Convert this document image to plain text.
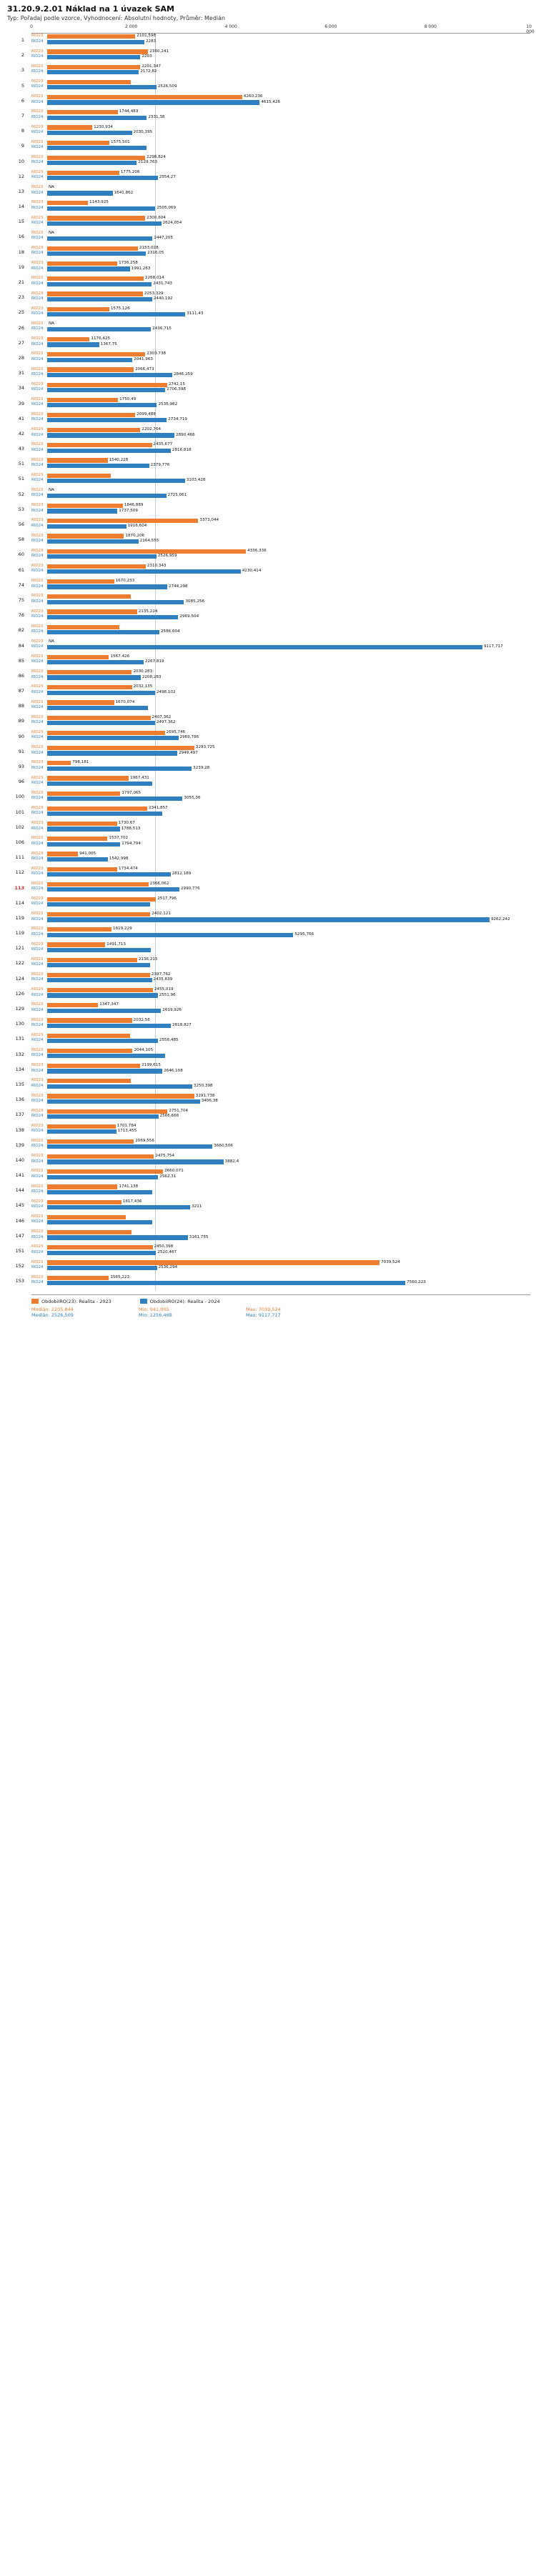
31.20.9.2.01 Náklad na 1 úvazek SAM
Typ: Pořadaj podle vzorce, Vyhodnocení: Absolutní hodnoty, Průměr: Medián
0	2 000	4 000	6 000	8 000	10 000
1
RIO23
RIO24
2101,598
2283
2
RIO23
RIO24
2360,241
2203
3
RIO23
RIO24
2201,347
2172,82
5
RIO23
RIO24	2526,509
6
RIO23
RIO24
4260,236
4615,426
7
RIO23
RIO24
1744,483
2331,38
8
RIO23
RIO24
1230,934
2030,395
9
RIO23
RIO24
1575,501
10
RIO23
RIO24
2298,824
2129,763
12
RIO23
RIO24
1775,206
2554,27
13
RIO23
RIO24
NA
1641,862
14
RIO23
RIO24
1143,925
2505,069
15
RIO23
RIO24
2300,604
2624,054
16
RIO23
RIO24
NA
2447,205
18
RIO23
RIO24
2153,028
2316,05
19
RIO23
RIO24
1736,258
1991,263
21
RIO23
RIO24
2268,014
2431,743
23
RIO23
RIO24
2253,329
2440,192
25
RIO23
RIO24
1575,126
3111,43
26
RIO23
RIO24
NA
2416,715
27
RIO23
RIO24
1176,425
1367,75
28
RIO23
RIO24
2303,738
2041,963
31
RIO23
RIO24
2066,473
2846,259
34
RIO23
RIO24
2742,15
2706,398
39
RIO23
RIO24
1750,49
2535,982
41
RIO23
RIO24
2099,488
2734,719
42
RIO23
RIO24
2202,764
2890,466
43
RIO23
RIO24
2435,677
2816,818
51
RIO23
RIO24
1540,228
2379,776
51
RIO23
RIO24	3103,428
52
RIO23
RIO24
NA
2725,061
53
RIO23
RIO24
1846,889
1737,509
56
RIO23
RIO24
3373,044
1916,604
58
RIO23
RIO24
1870,206
2164,555
60
RIO23
RIO24
4336,336
2526,959
61
RIO23
RIO24
2310,343
4230,414
74
RIO23
RIO24
1670,233
2744,298
75
RIO23
RIO24	3085,256
76
RIO23
RIO24
2135,224
2969,504
82
RIO23
RIO24	2586,604
84
RIO23
RIO24
NA
9117,717
85
RIO23
RIO24
1567,426
2267,819
86
RIO23
RIO24
2030,283
2208,283
87
RIO23
RIO24
2032,135
2498,102
88
RIO23
RIO24
1670,074
89
RIO23
RIO24
2407,362
2497,362
90
RIO23
RIO24
2695,746
2969,786
91
RIO23
RIO24
3293,725
2949,497
93
RIO23
RIO24
798,181
3239,28
96
RIO23
RIO24
1967,431
100
RIO23
RIO24
1797,065
3055,36
101
RIO23
RIO24
2341,857
102
RIO23
RIO24
1730,67
1788,513
106
RIO23
RIO24
1537,702
1794,794
111
RIO23
RIO24
941,005
1542,998
112
RIO23
RIO24
1734,474
2812,189
113
RIO23
RIO24
2366,062
2990,776
114
RIO23
RIO24
2517,796
119
RIO23
RIO24
2402,121
9262,242
119
RIO23
RIO24
1619,229
5295,766
121
RIO23
RIO24
1491,713
122
RIO23
RIO24
2136,215
124
RIO23
RIO24
2397,762
2435,839
126
RIO23
RIO24
2455,019
2551,96
129
RIO23
RIO24
1347,347
2619,926
130
RIO23
RIO24
2032,56
2818,827
131
RIO23
RIO24	2556,485
132
RIO23
RIO24
2044,105
134
RIO23
RIO24
2199,615
2646,108
135
RIO23
RIO24	3250,398
136
RIO23
RIO24
3291,738
3406,38
137
RIO23
RIO24
2751,704
2566,666
138
RIO23
RIO24
1701,784
1713,455
139
RIO23
RIO24
2069,556
3660,506
140
RIO23
RIO24
2475,754
3882,4
141
RIO23
RIO24
2660,071
2562,31
144
RIO23
RIO24
1741,138
145
RIO23
RIO24
1817,436
3211
146
RIO23
RIO24
147
RIO23
RIO24	3161,755
151
RIO23
RIO24
2450,398
2520,467
152
RIO23
RIO24
7039,524
2536,294
153
RIO23
RIO24
1565,223
7560,223
ObdobiIRO(23): Realita - 2023	ObdobiIRO(24): Realita - 2024
Medián: 2205,844	Min: 941,005	Max: 7039,524
Medián: 2526,509	Min: 1256,468	Max: 9117,717
